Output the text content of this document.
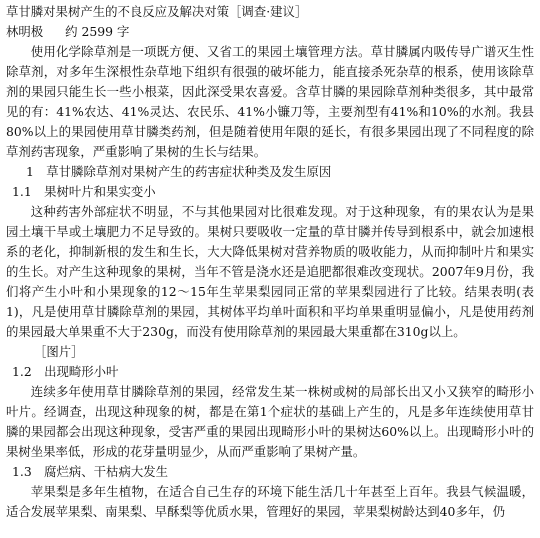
草甘膦对果树产生的不良反应及解决对策［调查·建议］
林明极 约 2599 字

使用化学除草剂是一项既方便、又省工的果园土壤管理方法。草甘膦属内吸传导广谱灭生性除草剂，对多年生深根性杂草地下组织有很强的破坏能力，能直接杀死杂草的根系，使用该除草剂的果园只能生长一些小根菜，因此深受果农喜爱。含草甘膦的果园除草剂种类很多，其中最常见的有：41%农达、41%灵达、农民乐、41%小镰刀等，主要剂型有41%和10%的水剂。我县80%以上的果园使用草甘膦类药剂，但是随着使用年限的延长，有很多果园出现了不同程度的除草剂药害现象，严重影响了果树的生长与结果。

1　草甘膦除草剂对果树产生的药害症状种类及发生原因
1.1　果树叶片和果实变小

这种药害外部症状不明显，不与其他果园对比很难发现。对于这种现象，有的果农认为是果园土壤干旱或土壤肥力不足导致的。果树只要吸收一定量的草甘膦并传导到根系中，就会加速根系的老化，抑制新根的发生和生长，大大降低果树对营养物质的吸收能力，从而抑制叶片和果实的生长。对产生这种现象的果树，当年不管是浇水还是追肥都很难改变现状。2007年9月份，我们将产生小叶和小果现象的12～15年生苹果梨园同正常的苹果梨园进行了比较。结果表明(表1)，凡是使用草甘膦除草剂的果园，其树体平均单叶面积和平均单果重明显偏小，凡是使用药剂的果园最大单果重不大于230g，而没有使用除草剂的果园最大果重都在310g以上。

［图片］
1.2　出现畸形小叶

连续多年使用草甘膦除草剂的果园，经常发生某一株树或树的局部长出又小又狭窄的畸形小叶片。经调查，出现这种现象的树，都是在第1个症状的基础上产生的，凡是多年连续使用草甘膦的果园都会出现这种现象，受害严重的果园出现畸形小叶的果树达60%以上。出现畸形小叶的果树坐果率低，形成的花芽量明显少，从而严重影响了果树产量。

1.3　腐烂病、干枯病大发生

苹果梨是多年生植物，在适合自己生存的环境下能生活几十年甚至上百年。我县气候温暖，适合发展苹果梨、南果梨、早酥梨等优质水果，管理好的果园，苹果梨树龄达到40多年，仍
